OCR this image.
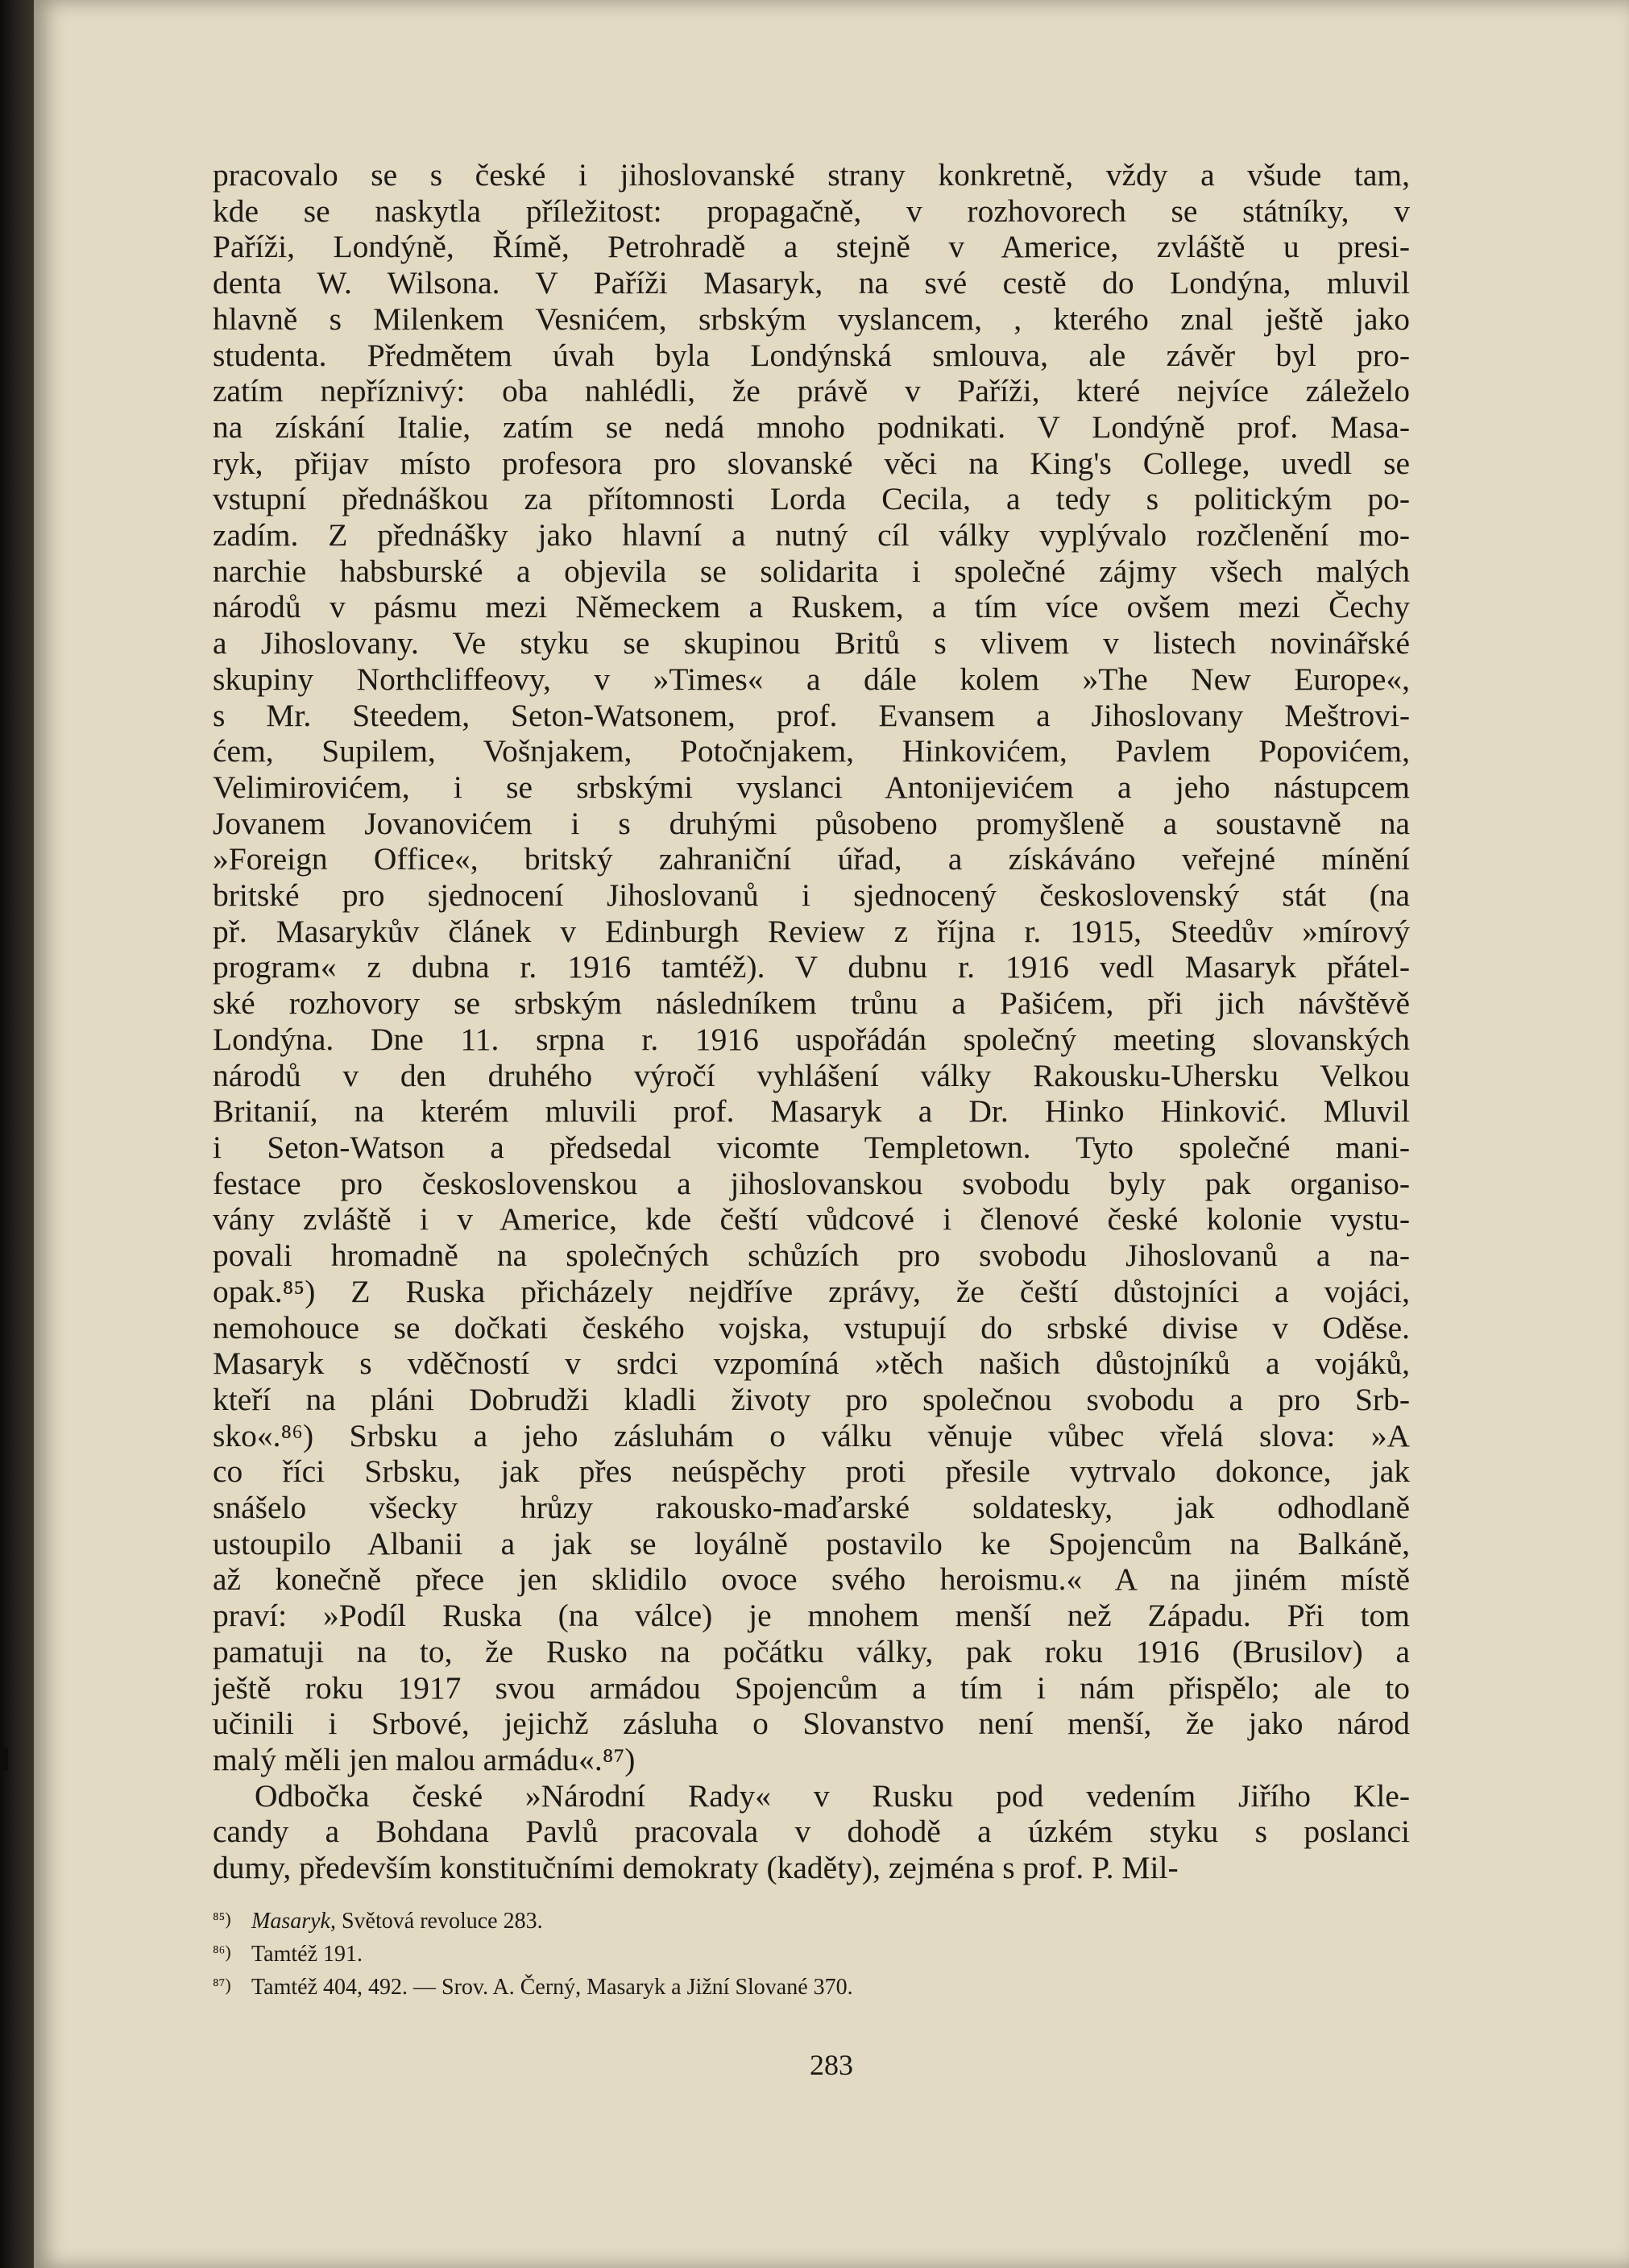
pracovalo se s české i jihoslovanské strany konkretně, vždy a všude tam,
kde se naskytla příležitost: propagačně, v rozhovorech se státníky, v
Paříži, Londýně, Římě, Petrohradě a stejně v Americe, zvláště u presi-
denta W. Wilsona. V Paříži Masaryk, na své cestě do Londýna, mluvil
hlavně s Milenkem Vesnićem, srbským vyslancem, , kterého znal ještě jako
studenta. Předmětem úvah byla Londýnská smlouva, ale závěr byl pro-
zatím nepříznivý: oba nahlédli, že právě v Paříži, které nejvíce záleželo
na získání Italie, zatím se nedá mnoho podnikati. V Londýně prof. Masa-
ryk, přijav místo profesora pro slovanské věci na King's College, uvedl se
vstupní přednáškou za přítomnosti Lorda Cecila, a tedy s politickým po-
zadím. Z přednášky jako hlavní a nutný cíl války vyplývalo rozčlenění mo-
narchie habsburské a objevila se solidarita i společné zájmy všech malých
národů v pásmu mezi Německem a Ruskem, a tím více ovšem mezi Čechy
a Jihoslovany. Ve styku se skupinou Britů s vlivem v listech novinářské
skupiny Northcliffeovy, v »Times« a dále kolem »The New Europe«,
s Mr. Steedem, Seton-Watsonem, prof. Evansem a Jihoslovany Meštrovi-
ćem, Supilem, Vošnjakem, Potočnjakem, Hinkovićem, Pavlem Popovićem,
Velimirovićem, i se srbskými vyslanci Antonijevićem a jeho nástupcem
Jovanem Jovanovićem i s druhými působeno promyšleně a soustavně na
»Foreign Office«, britský zahraniční úřad, a získáváno veřejné mínění
britské pro sjednocení Jihoslovanů i sjednocený československý stát (na
př. Masarykův článek v Edinburgh Review z října r. 1915, Steedův »mírový
program« z dubna r. 1916 tamtéž). V dubnu r. 1916 vedl Masaryk přátel-
ské rozhovory se srbským následníkem trůnu a Pašićem, při jich návštěvě
Londýna. Dne 11. srpna r. 1916 uspořádán společný meeting slovanských
národů v den druhého výročí vyhlášení války Rakousku-Uhersku Velkou
Britanií, na kterém mluvili prof. Masaryk a Dr. Hinko Hinković. Mluvil
i Seton-Watson a předsedal vicomte Templetown. Tyto společné mani-
festace pro československou a jihoslovanskou svobodu byly pak organiso-
vány zvláště i v Americe, kde čeští vůdcové i členové české kolonie vystu-
povali hromadně na společných schůzích pro svobodu Jihoslovanů a na-
opak.⁸⁵) Z Ruska přicházely nejdříve zprávy, že čeští důstojníci a vojáci,
nemohouce se dočkati českého vojska, vstupují do srbské divise v Oděse.
Masaryk s vděčností v srdci vzpomíná »těch našich důstojníků a vojáků,
kteří na pláni Dobrudži kladli životy pro společnou svobodu a pro Srb-
sko«.⁸⁶) Srbsku a jeho zásluhám o válku věnuje vůbec vřelá slova: »A
co říci Srbsku, jak přes neúspěchy proti přesile vytrvalo dokonce, jak
snášelo všecky hrůzy rakousko-maďarské soldatesky, jak odhodlaně
ustoupilo Albanii a jak se loyálně postavilo ke Spojencům na Balkáně,
až konečně přece jen sklidilo ovoce svého heroismu.« A na jiném místě
praví: »Podíl Ruska (na válce) je mnohem menší než Západu. Při tom
pamatuji na to, že Rusko na počátku války, pak roku 1916 (Brusilov) a
ještě roku 1917 svou armádou Spojencům a tím i nám přispělo; ale to
učinili i Srbové, jejichž zásluha o Slovanstvo není menší, že jako národ
malý měli jen malou armádu«.⁸⁷)
Odbočka české »Národní Rady« v Rusku pod vedením Jiřího Kle-
candy a Bohdana Pavlů pracovala v dohodě a úzkém styku s poslanci
dumy, především konstitučními demokraty (kaděty), zejména s prof. P. Mil-
⁸⁵) Masaryk, Světová revoluce 283.
⁸⁶) Tamtéž 191.
⁸⁷) Tamtéž 404, 492. — Srov. A. Černý, Masaryk a Jižní Slované 370.
283
